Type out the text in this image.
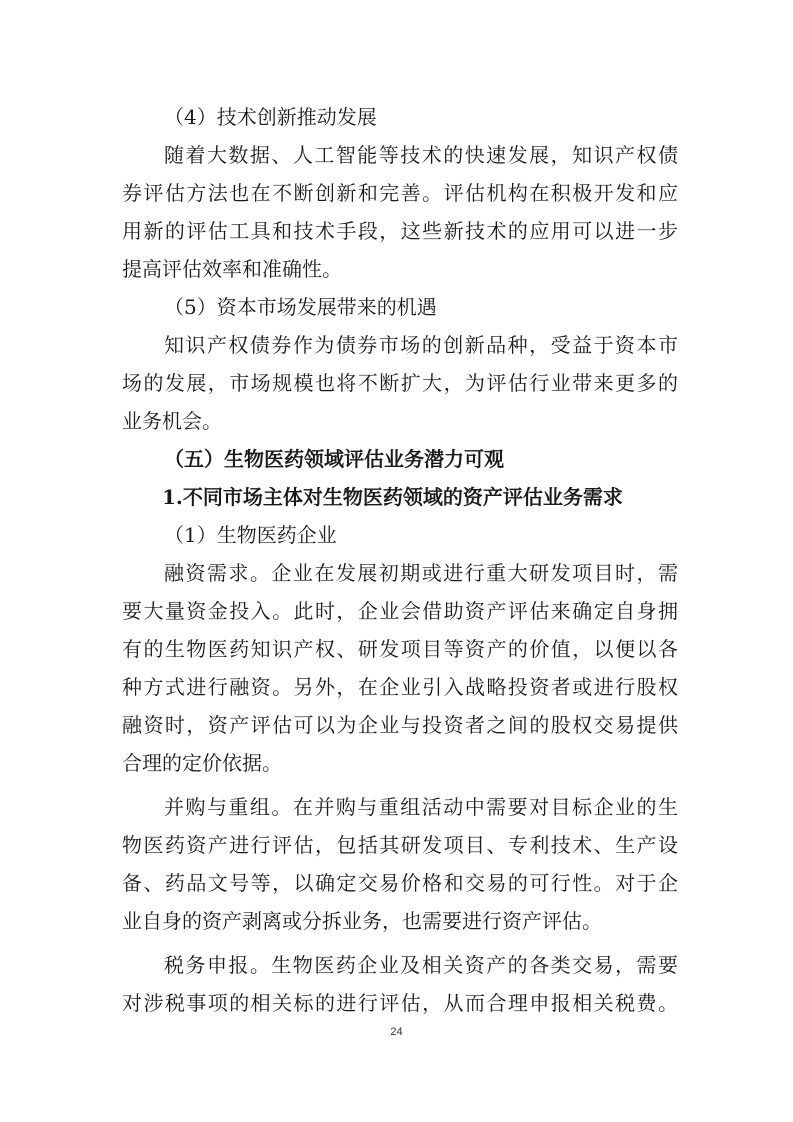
（4）技术创新推动发展
随着大数据、人工智能等技术的快速发展，知识产权债
券评估方法也在不断创新和完善。评估机构在积极开发和应
用新的评估工具和技术手段，这些新技术的应用可以进一步
提高评估效率和准确性。
（5）资本市场发展带来的机遇
知识产权债券作为债券市场的创新品种，受益于资本市
场的发展，市场规模也将不断扩大，为评估行业带来更多的
业务机会。
（五）生物医药领域评估业务潜力可观
1.不同市场主体对生物医药领域的资产评估业务需求
（1）生物医药企业
融资需求。企业在发展初期或进行重大研发项目时，需
要大量资金投入。此时，企业会借助资产评估来确定自身拥
有的生物医药知识产权、研发项目等资产的价值，以便以各
种方式进行融资。另外，在企业引入战略投资者或进行股权
融资时，资产评估可以为企业与投资者之间的股权交易提供
合理的定价依据。
并购与重组。在并购与重组活动中需要对目标企业的生
物医药资产进行评估，包括其研发项目、专利技术、生产设
备、药品文号等，以确定交易价格和交易的可行性。对于企
业自身的资产剥离或分拆业务，也需要进行资产评估。
税务申报。生物医药企业及相关资产的各类交易，需要
对涉税事项的相关标的进行评估，从而合理申报相关税费。
24
